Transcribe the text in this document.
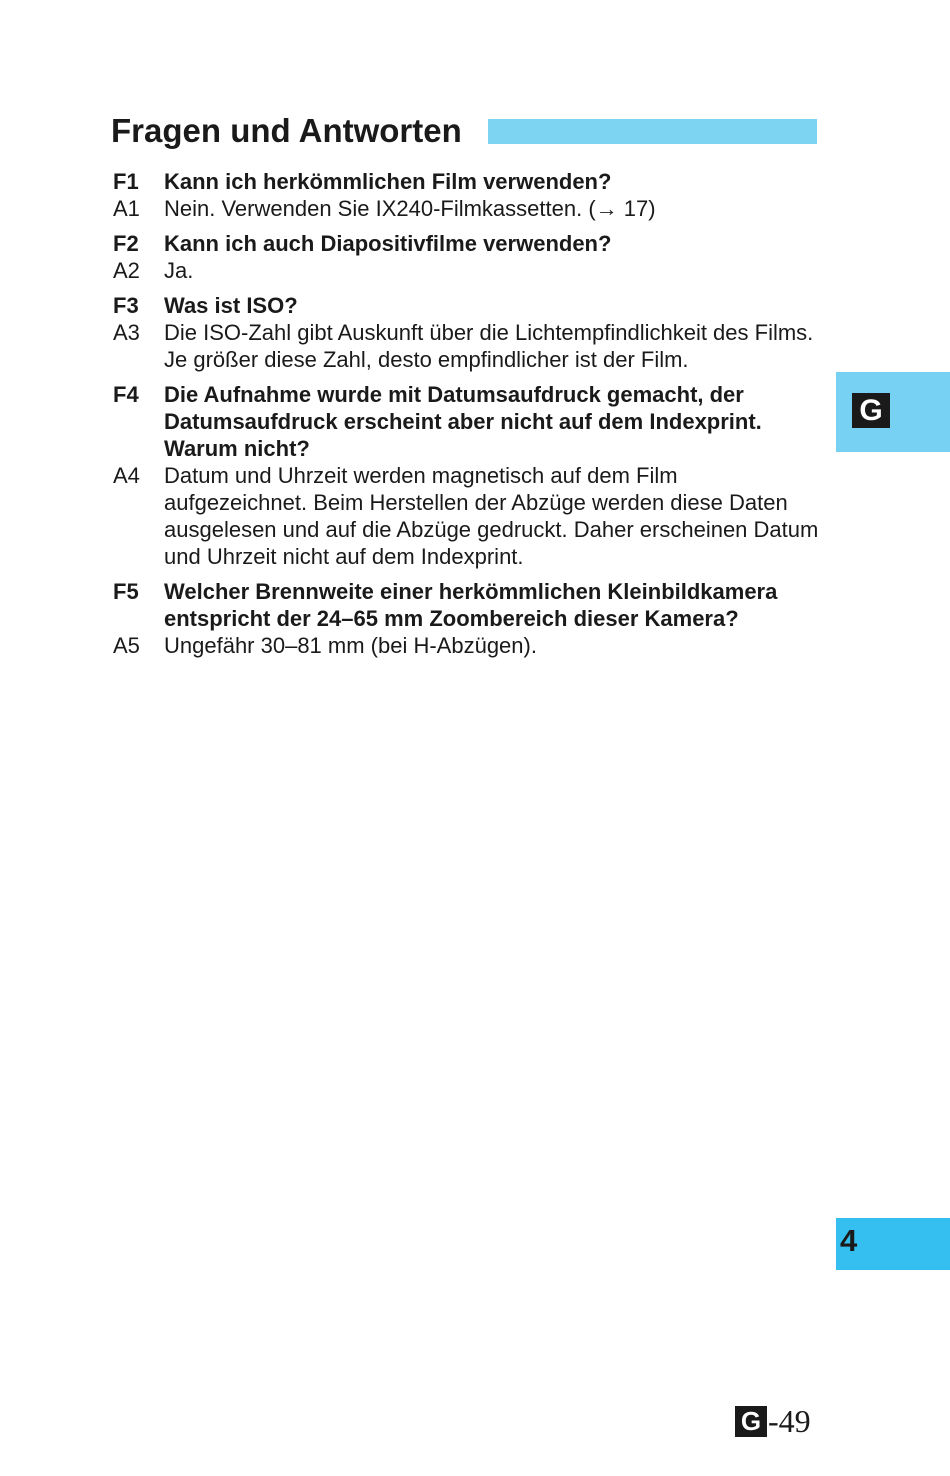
Fragen und Antworten
F1	Kann ich herkömmlichen Film verwenden?
A1	Nein. Verwenden Sie IX240-Filmkassetten. (→ 17)
F2	Kann ich auch Diapositivfilme verwenden?
A2	Ja.
F3	Was ist ISO?
A3	Die ISO-Zahl gibt Auskunft über die Lichtempfindlichkeit des Films. Je größer diese Zahl, desto empfindlicher ist der Film.
F4	Die Aufnahme wurde mit Datumsaufdruck gemacht, der Datumsaufdruck erscheint aber nicht auf dem Indexprint. Warum nicht?
A4	Datum und Uhrzeit werden magnetisch auf dem Film aufgezeichnet. Beim Herstellen der Abzüge werden diese Daten ausgelesen und auf die Abzüge gedruckt. Daher erscheinen Datum und Uhrzeit nicht auf dem Indexprint.
F5	Welcher Brennweite einer herkömmlichen Kleinbildkamera entspricht der 24–65 mm Zoombereich dieser Kamera?
A5	Ungefähr 30–81 mm (bei H-Abzügen).
G
4
G -49
